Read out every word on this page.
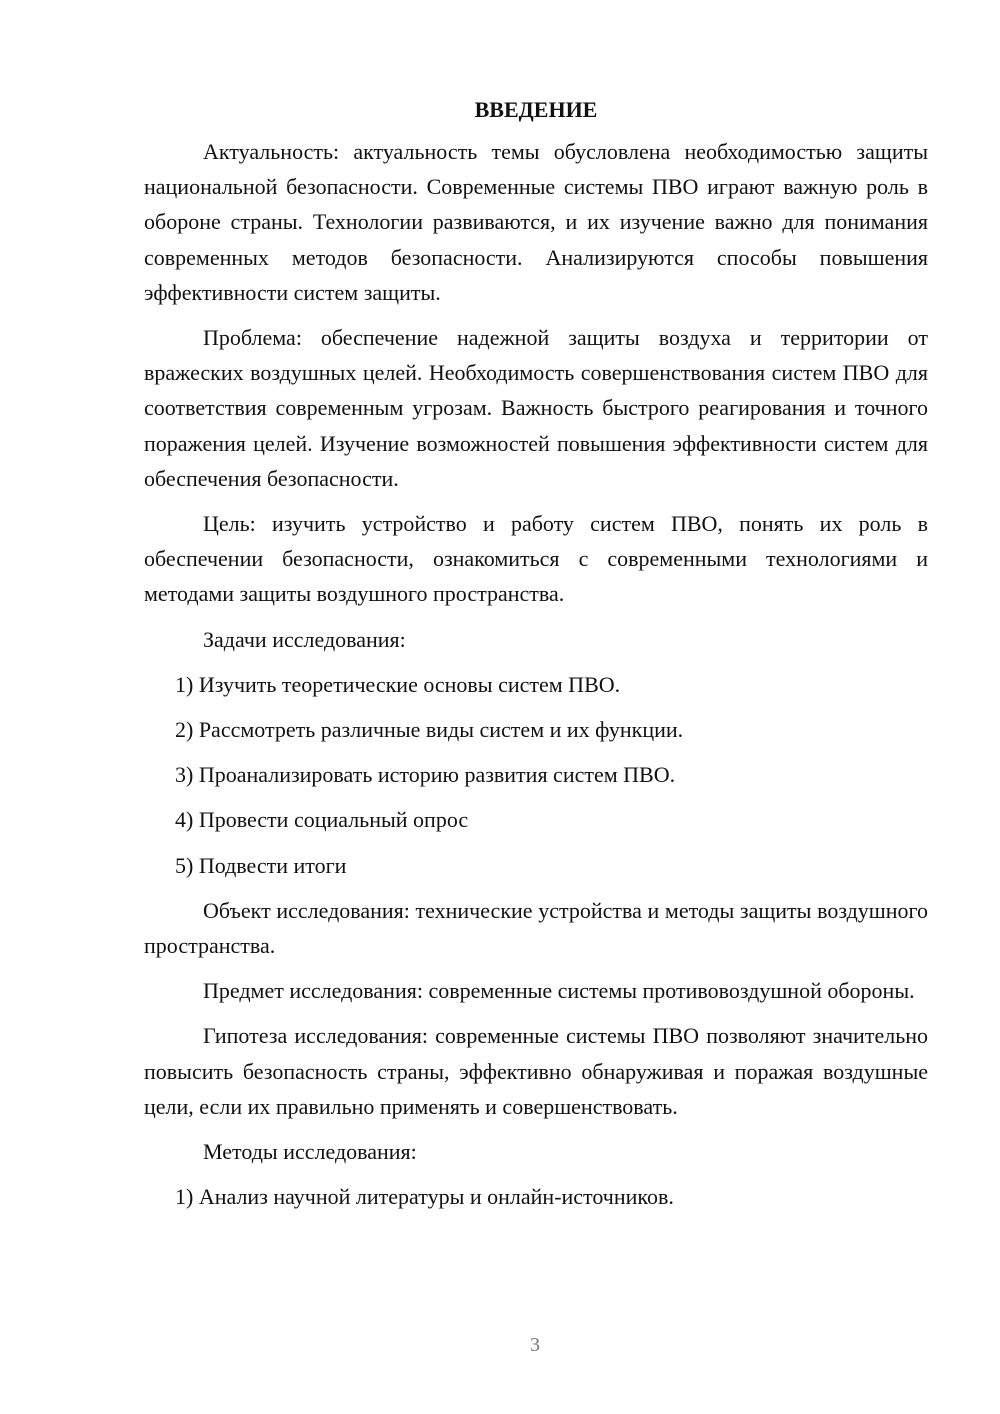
ВВЕДЕНИЕ

Актуальность: актуальность темы обусловлена необходимостью защиты национальной безопасности. Современные системы ПВО играют важную роль в обороне страны. Технологии развиваются, и их изучение важно для понимания современных методов безопасности. Анализируются способы повышения эффективности систем защиты.

Проблема: обеспечение надежной защиты воздуха и территории от вражеских воздушных целей. Необходимость совершенствования систем ПВО для соответствия современным угрозам. Важность быстрого реагирования и точного поражения целей. Изучение возможностей повышения эффективности систем для обеспечения безопасности.

Цель: изучить устройство и работу систем ПВО, понять их роль в обеспечении безопасности, ознакомиться с современными технологиями и методами защиты воздушного пространства.

Задачи исследования:

1) Изучить теоретические основы систем ПВО.

2) Рассмотреть различные виды систем и их функции.

3) Проанализировать историю развития систем ПВО.

4) Провести социальный опрос

5) Подвести итоги

Объект исследования: технические устройства и методы защиты воздушного пространства.

Предмет исследования: современные системы противовоздушной обороны.

Гипотеза исследования: современные системы ПВО позволяют значительно повысить безопасность страны, эффективно обнаруживая и поражая воздушные цели, если их правильно применять и совершенствовать.

Методы исследования:

1) Анализ научной литературы и онлайн-источников.

3
